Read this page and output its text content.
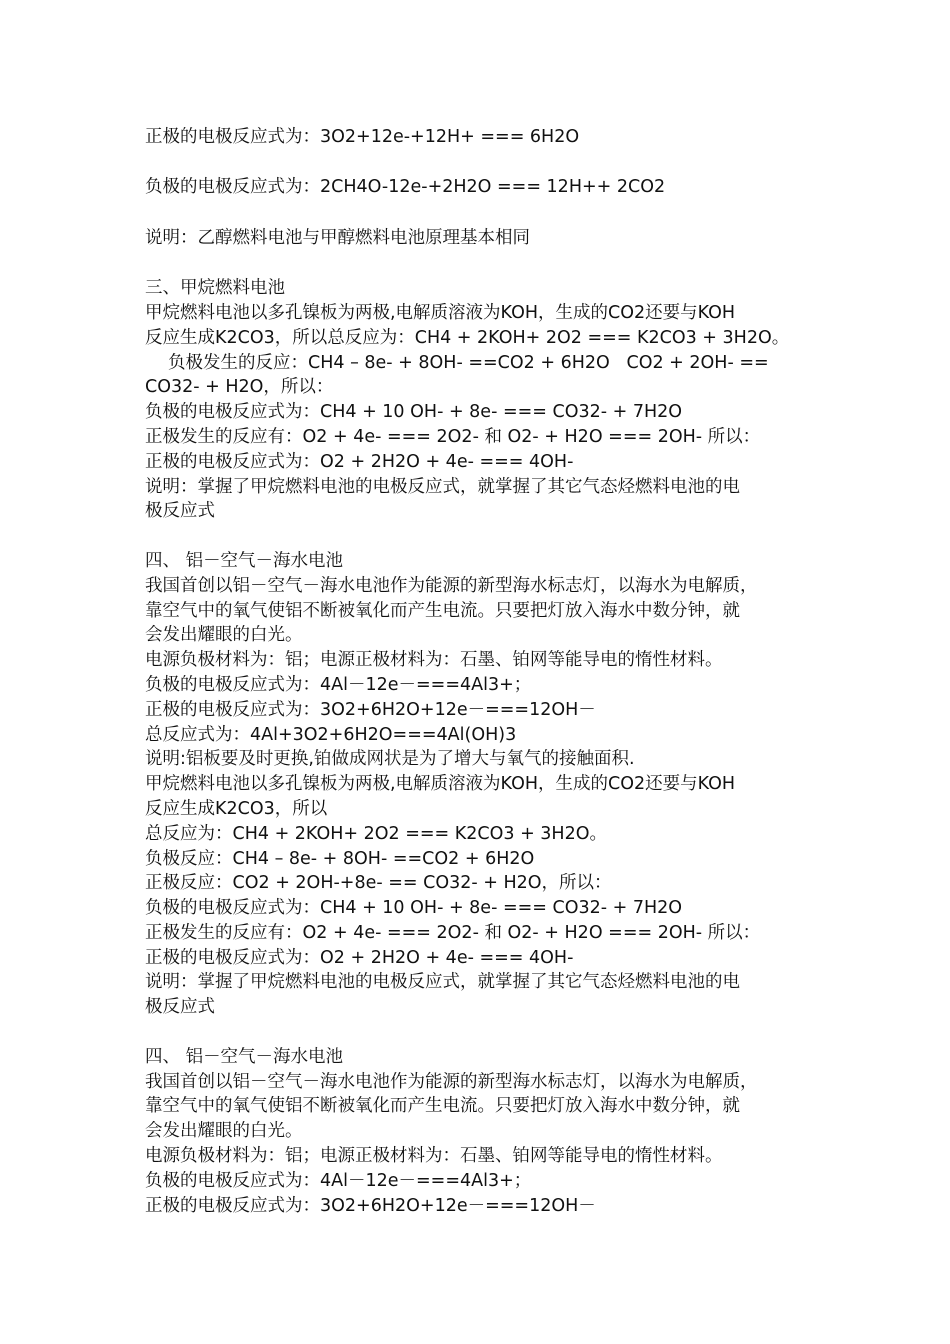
正极的电极反应式为：3O2+12e-+12H+ === 6H2O
负极的电极反应式为：2CH4O-12e-+2H2O === 12H++ 2CO2
说明：乙醇燃料电池与甲醇燃料电池原理基本相同
三、甲烷燃料电池
甲烷燃料电池以多孔镍板为两极,电解质溶液为KOH，生成的CO2还要与KOH
反应生成K2CO3，所以总反应为：CH4 + 2KOH+ 2O2 === K2CO3 + 3H2O。
负极发生的反应：CH4 – 8e- + 8OH- ==CO2 + 6H2O   CO2 + 2OH- ==
CO32- + H2O，所以：
负极的电极反应式为：CH4 + 10 OH- + 8e- === CO32- + 7H2O
正极发生的反应有：O2 + 4e- === 2O2- 和 O2- + H2O === 2OH- 所以：
正极的电极反应式为：O2 + 2H2O + 4e- === 4OH-
说明：掌握了甲烷燃料电池的电极反应式，就掌握了其它气态烃燃料电池的电
极反应式
四、 铝－空气－海水电池
我国首创以铝－空气－海水电池作为能源的新型海水标志灯，以海水为电解质，
靠空气中的氧气使铝不断被氧化而产生电流。只要把灯放入海水中数分钟，就
会发出耀眼的白光。
电源负极材料为：铝；电源正极材料为：石墨、铂网等能导电的惰性材料。
负极的电极反应式为：4Al－12e－===4Al3+；
正极的电极反应式为：3O2+6H2O+12e－===12OH－
总反应式为：4Al+3O2+6H2O===4Al(OH)3
说明:铝板要及时更换,铂做成网状是为了增大与氧气的接触面积.
甲烷燃料电池以多孔镍板为两极,电解质溶液为KOH，生成的CO2还要与KOH
反应生成K2CO3，所以
总反应为：CH4 + 2KOH+ 2O2 === K2CO3 + 3H2O。
负极反应：CH4 – 8e- + 8OH- ==CO2 + 6H2O
正极反应：CO2 + 2OH-+8e- == CO32- + H2O，所以：
负极的电极反应式为：CH4 + 10 OH- + 8e- === CO32- + 7H2O
正极发生的反应有：O2 + 4e- === 2O2- 和 O2- + H2O === 2OH- 所以：
正极的电极反应式为：O2 + 2H2O + 4e- === 4OH-
说明：掌握了甲烷燃料电池的电极反应式，就掌握了其它气态烃燃料电池的电
极反应式
四、 铝－空气－海水电池
我国首创以铝－空气－海水电池作为能源的新型海水标志灯，以海水为电解质，
靠空气中的氧气使铝不断被氧化而产生电流。只要把灯放入海水中数分钟，就
会发出耀眼的白光。
电源负极材料为：铝；电源正极材料为：石墨、铂网等能导电的惰性材料。
负极的电极反应式为：4Al－12e－===4Al3+；
正极的电极反应式为：3O2+6H2O+12e－===12OH－
